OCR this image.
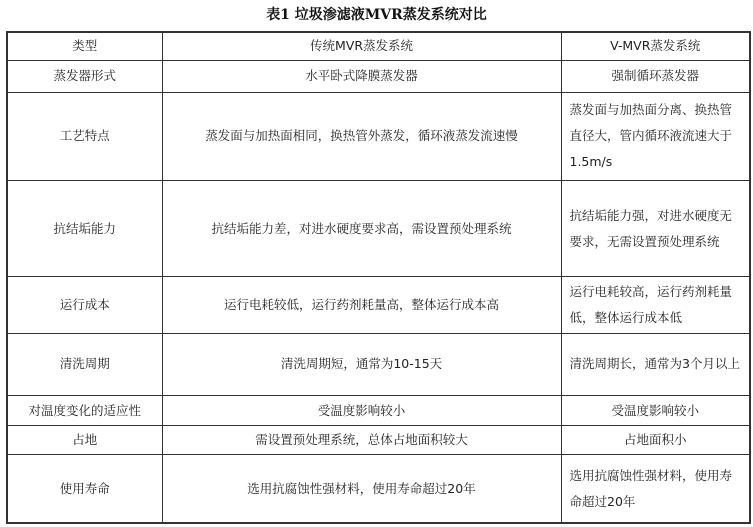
表1 垃圾渗滤液MVR蒸发系统对比
类型	传统MVR蒸发系统	V-MVR蒸发系统
蒸发器形式	水平卧式降膜蒸发器	强制循环蒸发器
工艺特点	蒸发面与加热面相同，换热管外蒸发，循环液蒸发流速慢	蒸发面与加热面分离、换热管直径大，管内循环液流速大于1.5m/s
抗结垢能力	抗结垢能力差，对进水硬度要求高，需设置预处理系统	抗结垢能力强，对进水硬度无要求，无需设置预处理系统
运行成本	运行电耗较低，运行药剂耗量高，整体运行成本高	运行电耗较高，运行药剂耗量低，整体运行成本低
清洗周期	清洗周期短，通常为10-15天	清洗周期长，通常为3个月以上
对温度变化的适应性	受温度影响较小	受温度影响较小
占地	需设置预处理系统，总体占地面积较大	占地面积小
使用寿命	选用抗腐蚀性强材料，使用寿命超过20年	选用抗腐蚀性强材料，使用寿命超过20年
